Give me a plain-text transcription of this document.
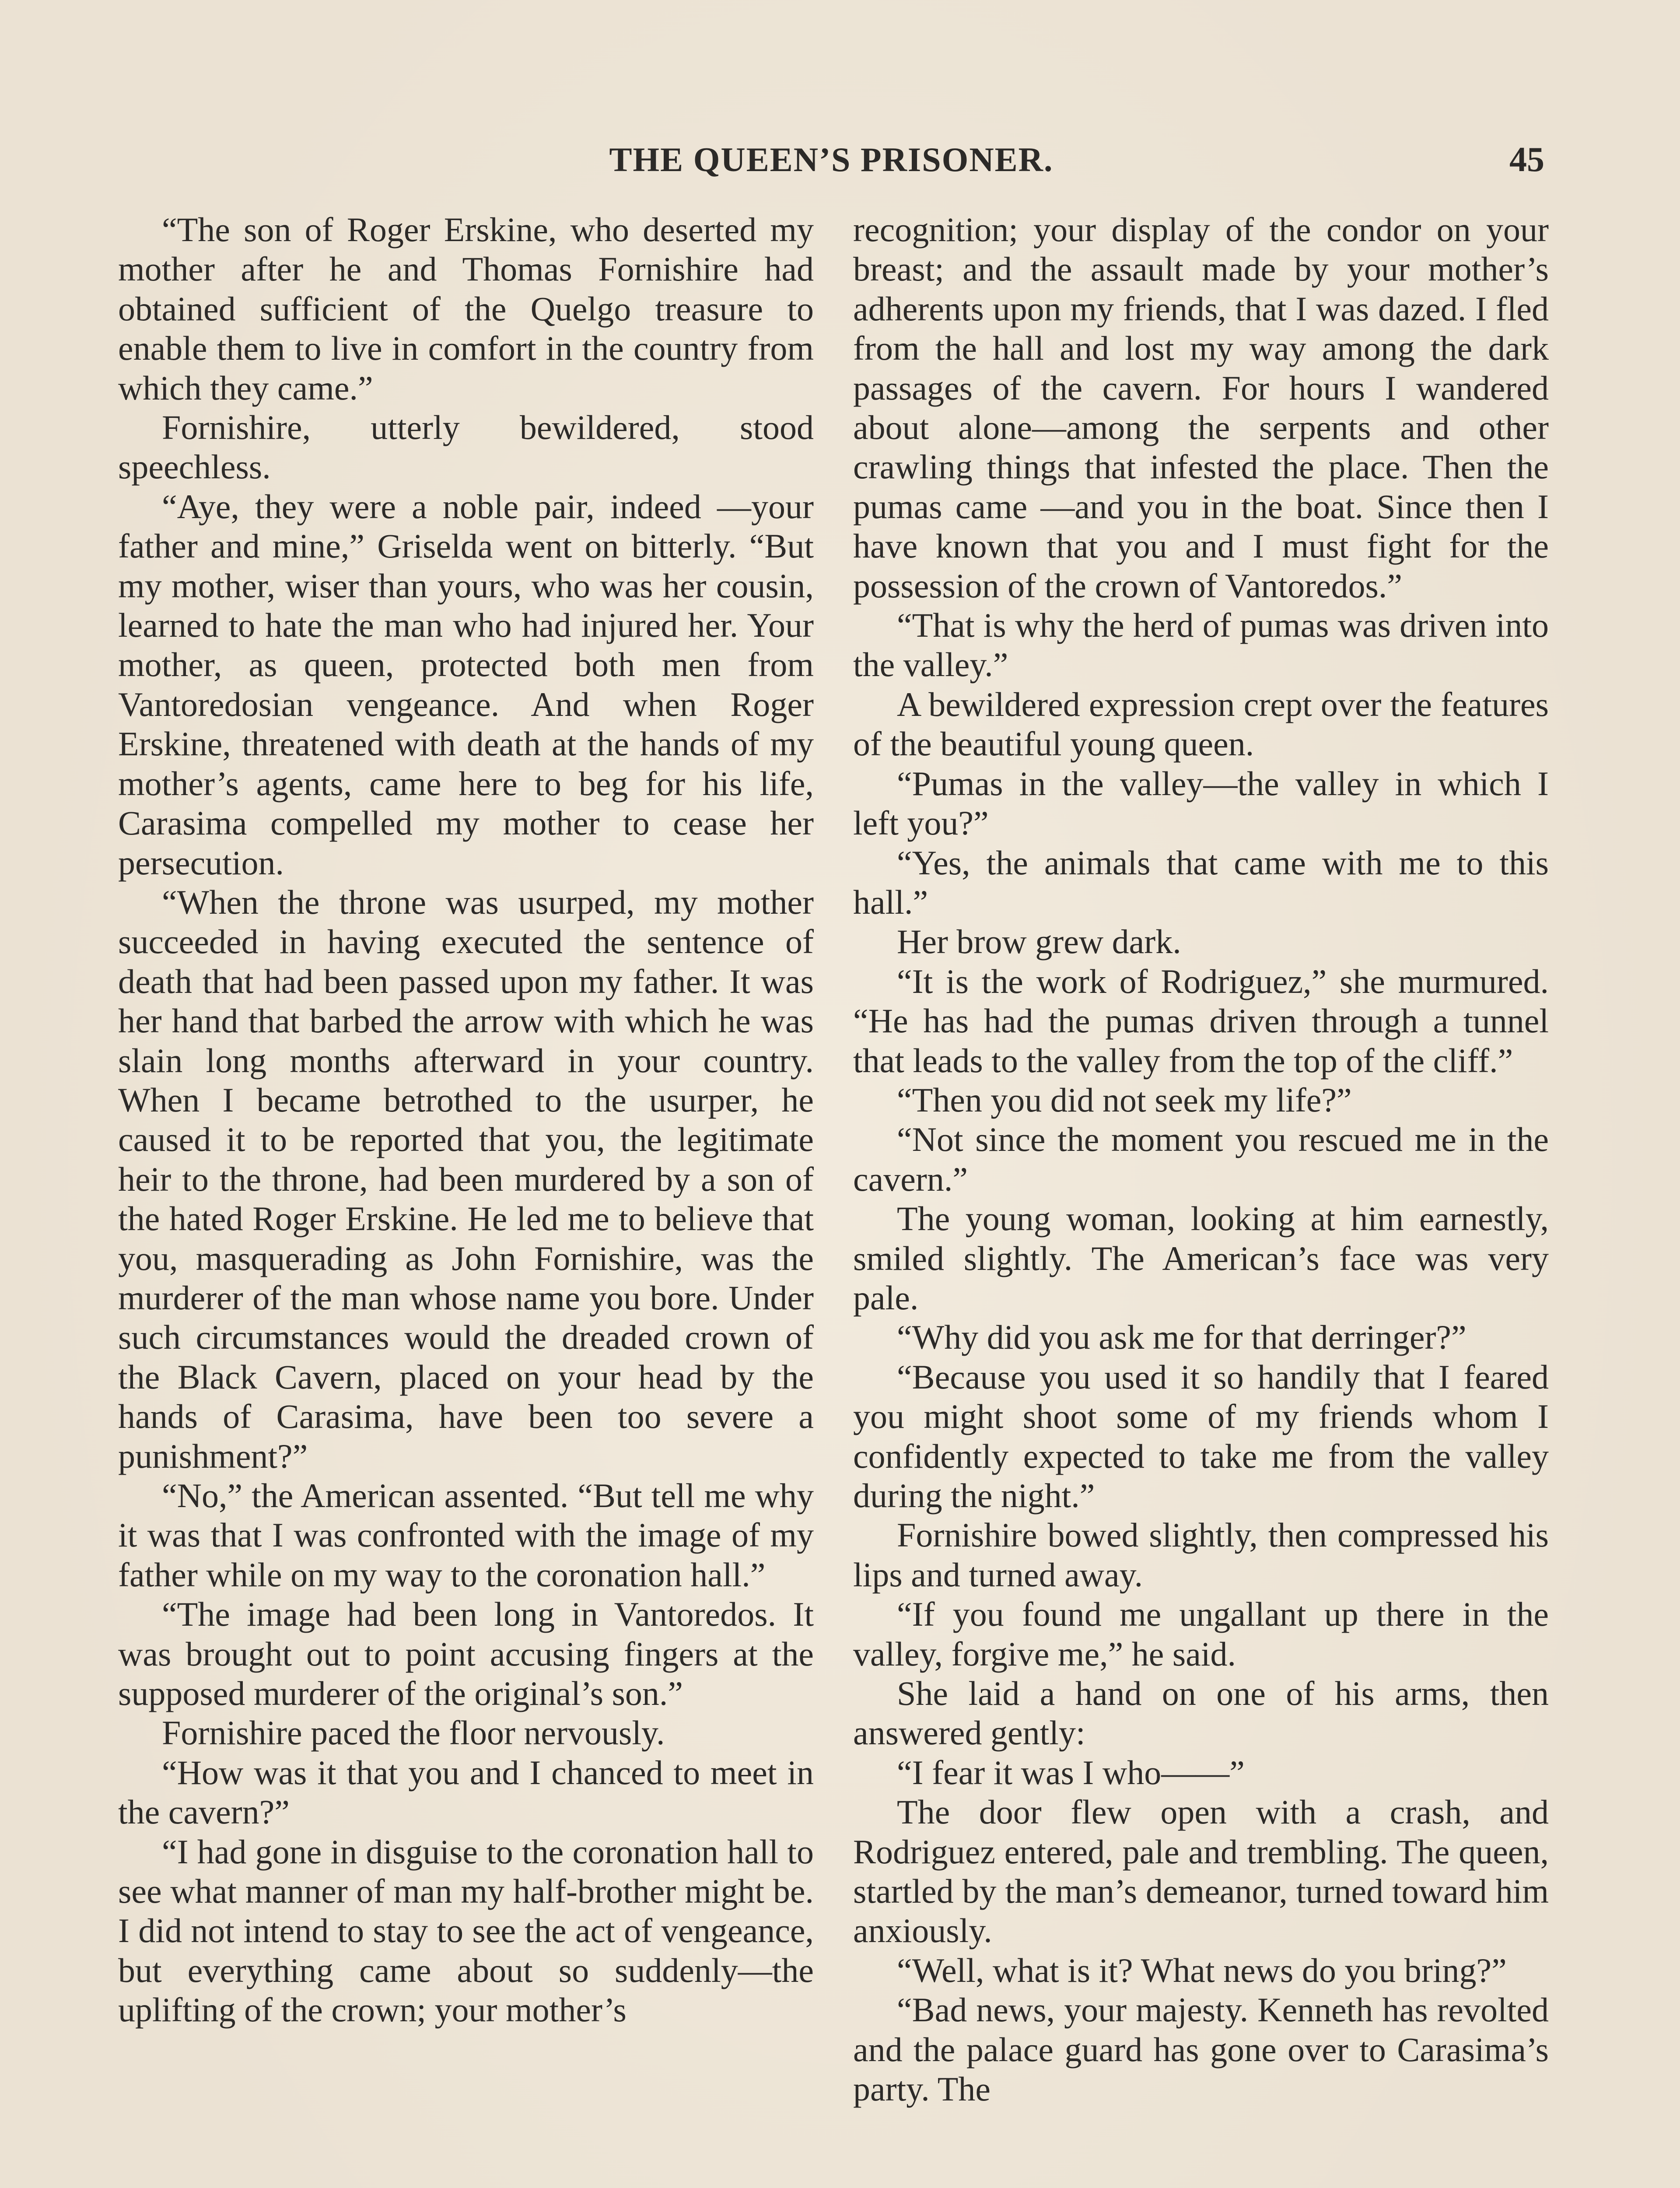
THE QUEEN’S PRISONER.	45

“The son of Roger Erskine, who deserted my mother after he and Thomas Fornishire had obtained sufficient of the Quelgo treasure to enable them to live in comfort in the country from which they came.”

Fornishire, utterly bewildered, stood speechless.

“Aye, they were a noble pair, indeed —your father and mine,” Griselda went on bitterly. “But my mother, wiser than yours, who was her cousin, learned to hate the man who had injured her. Your mother, as queen, protected both men from Vantoredosian vengeance. And when Roger Erskine, threatened with death at the hands of my mother’s agents, came here to beg for his life, Carasima compelled my mother to cease her persecution.

“When the throne was usurped, my mother succeeded in having executed the sentence of death that had been passed upon my father. It was her hand that barbed the arrow with which he was slain long months afterward in your country. When I became betrothed to the usurper, he caused it to be reported that you, the legitimate heir to the throne, had been murdered by a son of the hated Roger Erskine. He led me to believe that you, masquerading as John Fornishire, was the murderer of the man whose name you bore. Under such circumstances would the dreaded crown of the Black Cavern, placed on your head by the hands of Carasima, have been too severe a punishment?”

“No,” the American assented. “But tell me why it was that I was confronted with the image of my father while on my way to the coronation hall.”

“The image had been long in Vantoredos. It was brought out to point accusing fingers at the supposed murderer of the original’s son.”

Fornishire paced the floor nervously.

“How was it that you and I chanced to meet in the cavern?”

“I had gone in disguise to the coronation hall to see what manner of man my half-brother might be. I did not intend to stay to see the act of vengeance, but everything came about so suddenly—the uplifting of the crown; your mother’s

recognition; your display of the condor on your breast; and the assault made by your mother’s adherents upon my friends, that I was dazed. I fled from the hall and lost my way among the dark passages of the cavern. For hours I wandered about alone—among the serpents and other crawling things that infested the place. Then the pumas came —and you in the boat. Since then I have known that you and I must fight for the possession of the crown of Vantoredos.”

“That is why the herd of pumas was driven into the valley.”

A bewildered expression crept over the features of the beautiful young queen.

“Pumas in the valley—the valley in which I left you?”

“Yes, the animals that came with me to this hall.”

Her brow grew dark.

“It is the work of Rodriguez,” she murmured. “He has had the pumas driven through a tunnel that leads to the valley from the top of the cliff.”

“Then you did not seek my life?”

“Not since the moment you rescued me in the cavern.”

The young woman, looking at him earnestly, smiled slightly. The American’s face was very pale.

“Why did you ask me for that derringer?”

“Because you used it so handily that I feared you might shoot some of my friends whom I confidently expected to take me from the valley during the night.”

Fornishire bowed slightly, then compressed his lips and turned away.

“If you found me ungallant up there in the valley, forgive me,” he said.

She laid a hand on one of his arms, then answered gently:

“I fear it was I who——”

The door flew open with a crash, and Rodriguez entered, pale and trembling. The queen, startled by the man’s demeanor, turned toward him anxiously.

“Well, what is it? What news do you bring?”

“Bad news, your majesty. Kenneth has revolted and the palace guard has gone over to Carasima’s party. The
